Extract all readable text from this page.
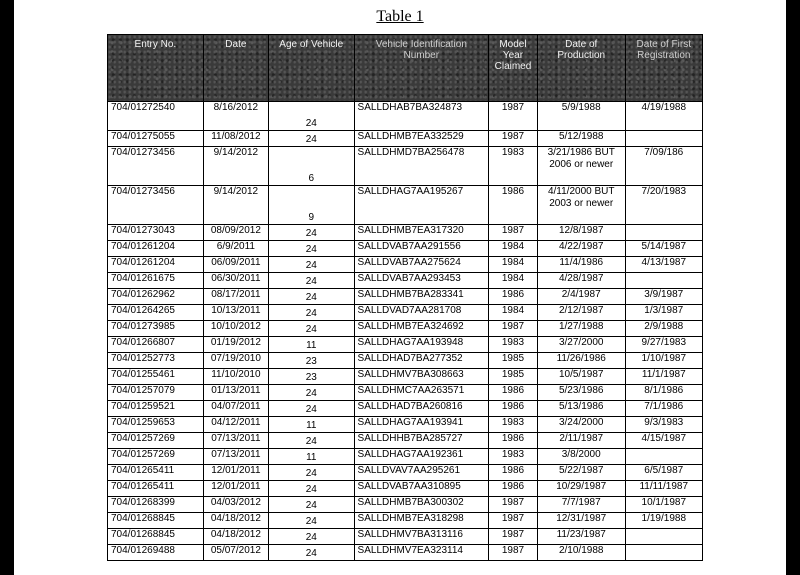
Table 1
Entry No.	Date	Age of Vehicle	Vehicle Identification Number	Model Year Claimed	Date of Production	Date of First Registration
704/01272540	8/16/2012	24	SALLDHAB7BA324873	1987	5/9/1988	4/19/1988
704/01275055	11/08/2012	24	SALLDHMB7EA332529	1987	5/12/1988	
704/01273456	9/14/2012	6	SALLDHMD7BA256478	1983	3/21/1986 BUT 2006 or newer	7/09/186
704/01273456	9/14/2012	9	SALLDHAG7AA195267	1986	4/11/2000 BUT 2003 or newer	7/20/1983
704/01273043	08/09/2012	24	SALLDHMB7EA317320	1987	12/8/1987	
704/01261204	6/9/2011	24	SALLDVAB7AA291556	1984	4/22/1987	5/14/1987
704/01261204	06/09/2011	24	SALLDVAB7AA275624	1984	11/4/1986	4/13/1987
704/01261675	06/30/2011	24	SALLDVAB7AA293453	1984	4/28/1987	
704/01262962	08/17/2011	24	SALLDHMB7BA283341	1986	2/4/1987	3/9/1987
704/01264265	10/13/2011	24	SALLDVAD7AA281708	1984	2/12/1987	1/3/1987
704/01273985	10/10/2012	24	SALLDHMB7EA324692	1987	1/27/1988	2/9/1988
704/01266807	01/19/2012	11	SALLDHAG7AA193948	1983	3/27/2000	9/27/1983
704/01252773	07/19/2010	23	SALLDHAD7BA277352	1985	11/26/1986	1/10/1987
704/01255461	11/10/2010	23	SALLDHMV7BA308663	1985	10/5/1987	11/1/1987
704/01257079	01/13/2011	24	SALLDHMC7AA263571	1986	5/23/1986	8/1/1986
704/01259521	04/07/2011	24	SALLDHAD7BA260816	1986	5/13/1986	7/1/1986
704/01259653	04/12/2011	11	SALLDHAG7AA193941	1983	3/24/2000	9/3/1983
704/01257269	07/13/2011	24	SALLDHHB7BA285727	1986	2/11/1987	4/15/1987
704/01257269	07/13/2011	11	SALLDHAG7AA192361	1983	3/8/2000	
704/01265411	12/01/2011	24	SALLDVAV7AA295261	1986	5/22/1987	6/5/1987
704/01265411	12/01/2011	24	SALLDVAB7AA310895	1986	10/29/1987	11/11/1987
704/01268399	04/03/2012	24	SALLDHMB7BA300302	1987	7/7/1987	10/1/1987
704/01268845	04/18/2012	24	SALLDHMB7EA318298	1987	12/31/1987	1/19/1988
704/01268845	04/18/2012	24	SALLDHMV7BA313116	1987	11/23/1987	
704/01269488	05/07/2012	24	SALLDHMV7EA323114	1987	2/10/1988	
